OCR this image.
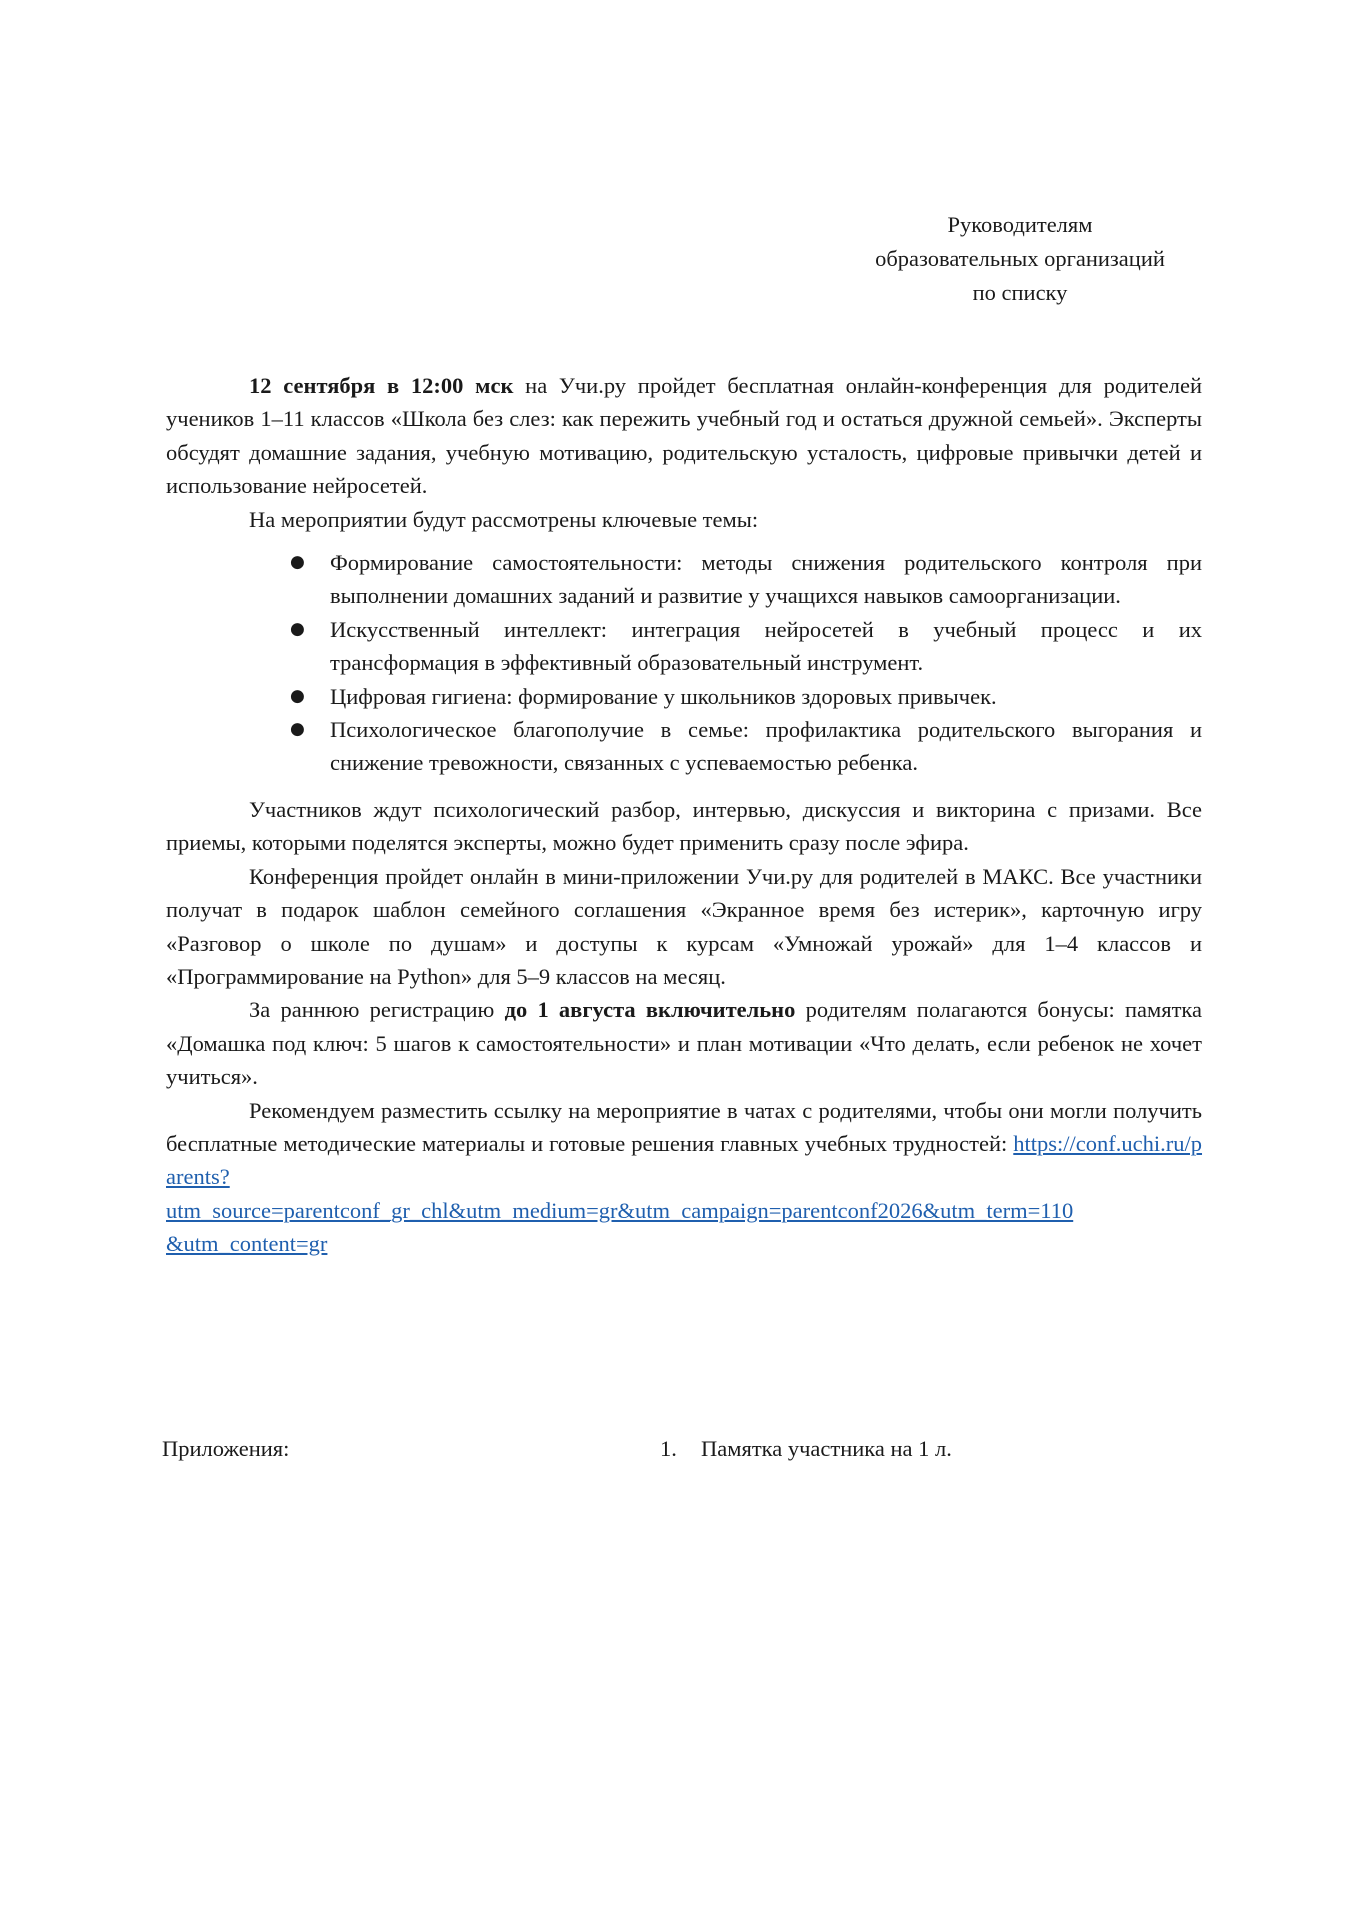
Руководителям
образовательных организаций
по списку

12 сентября в 12:00 мск на Учи.ру пройдет бесплатная онлайн-конференция для родителей учеников 1–11 классов «Школа без слез: как пережить учебный год и остаться дружной семьей». Эксперты обсудят домашние задания, учебную мотивацию, родительскую усталость, цифровые привычки детей и использование нейросетей.

На мероприятии будут рассмотрены ключевые темы:

● Формирование самостоятельности: методы снижения родительского контроля при выполнении домашних заданий и развитие у учащихся навыков самоорганизации.
● Искусственный интеллект: интеграция нейросетей в учебный процесс и их трансформация в эффективный образовательный инструмент.
● Цифровая гигиена: формирование у школьников здоровых привычек.
● Психологическое благополучие в семье: профилактика родительского выгорания и снижение тревожности, связанных с успеваемостью ребенка.

Участников ждут психологический разбор, интервью, дискуссия и викторина с призами. Все приемы, которыми поделятся эксперты, можно будет применить сразу после эфира.

Конференция пройдет онлайн в мини-приложении Учи.ру для родителей в МАКС. Все участники получат в подарок шаблон семейного соглашения «Экранное время без истерик», карточную игру «Разговор о школе по душам» и доступы к курсам «Умножай урожай» для 1–4 классов и «Программирование на Python» для 5–9 классов на месяц.

За раннюю регистрацию до 1 августа включительно родителям полагаются бонусы: памятка «Домашка под ключ: 5 шагов к самостоятельности» и план мотивации «Что делать, если ребенок не хочет учиться».

Рекомендуем разместить ссылку на мероприятие в чатах с родителями, чтобы они могли получить бесплатные методические материалы и готовые решения главных учебных трудностей: https://conf.uchi.ru/parents?

utm_source=parentconf_gr_chl&utm_medium=gr&utm_campaign=parentconf2026&utm_term=110

&utm_content=gr

Приложения:	1. Памятка участника на 1 л.
